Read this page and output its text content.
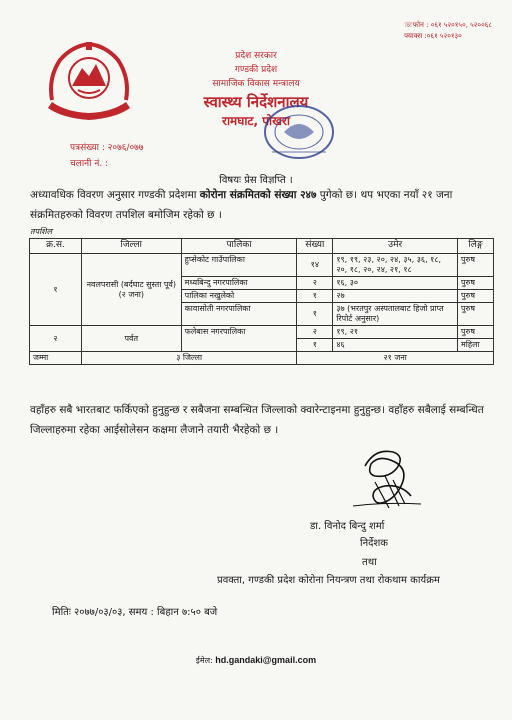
☏फोन : ०६१ ५२०१५०, ५२००६८
फ्याक्स :०६१ ५२०१३०
प्रदेश सरकार
गण्डकी प्रदेश
सामाजिक विकास मन्त्रालय
स्वास्थ्य निर्देशनालय
रामघाट, पोखरा
पत्रसंख्या : २०७६/०७७
चलानी नं. :
विषयः प्रेस विज्ञप्ति ।
अध्यावधिक विवरण अनुसार गण्डकी प्रदेशमा कोरोना संक्रमितको संख्या २४७ पुगेको छ। थप भएका नयाँ २१ जना संक्रमितहरुको विवरण तपशिल बमोजिम रहेको छ ।
तपशिल
क्र.स.	जिल्ला	पालिका	संख्या	उमेर	लिङ्ग
१	नवलपरासी (बर्दघाट सुस्ता पूर्व) (२ जना)	हुप्सेकोट गाउँपालिका	१४	१९, १९, २३, २०, २४, ३५, ३६, १८, २०, १८, २०, २४, २१, १८	पुरुष
		मध्यबिन्दु नगरपालिका	२	१६, ३०	पुरुष
		पालिका नखुलेको	१	२७	पुरुष
		कावासोती नगरपालिका	१	३७ (भरतपुर अस्पतालबाट हिजो प्राप्त रिपोर्ट अनुसार)	पुरुष
२	पर्वत	फलेबास नगरपालिका	२	१९, २१	पुरुष
			१	४६	महिला
जम्मा	३ जिल्ला		२१ जना		
वहाँहरु सबै भारतबाट फर्किएको हुनुहुन्छ र सबैजना सम्बन्धित जिल्लाको क्वारेन्टाइनमा हुनुहुन्छ। वहाँहरु सबैलाई सम्बन्धित जिल्लाहरुमा रहेका आईसोलेसन कक्षमा लैजाने तयारी भैरहेको छ ।
डा. विनोद बिन्दु शर्मा
निर्देशक
तथा
प्रवक्ता, गण्डकी प्रदेश कोरोना नियन्त्रण तथा रोकथाम कार्यक्रम
मितिः २०७७/०३/०३, समय : बिहान ७:५० बजे
ईमेल: hd.gandaki@gmail.com
